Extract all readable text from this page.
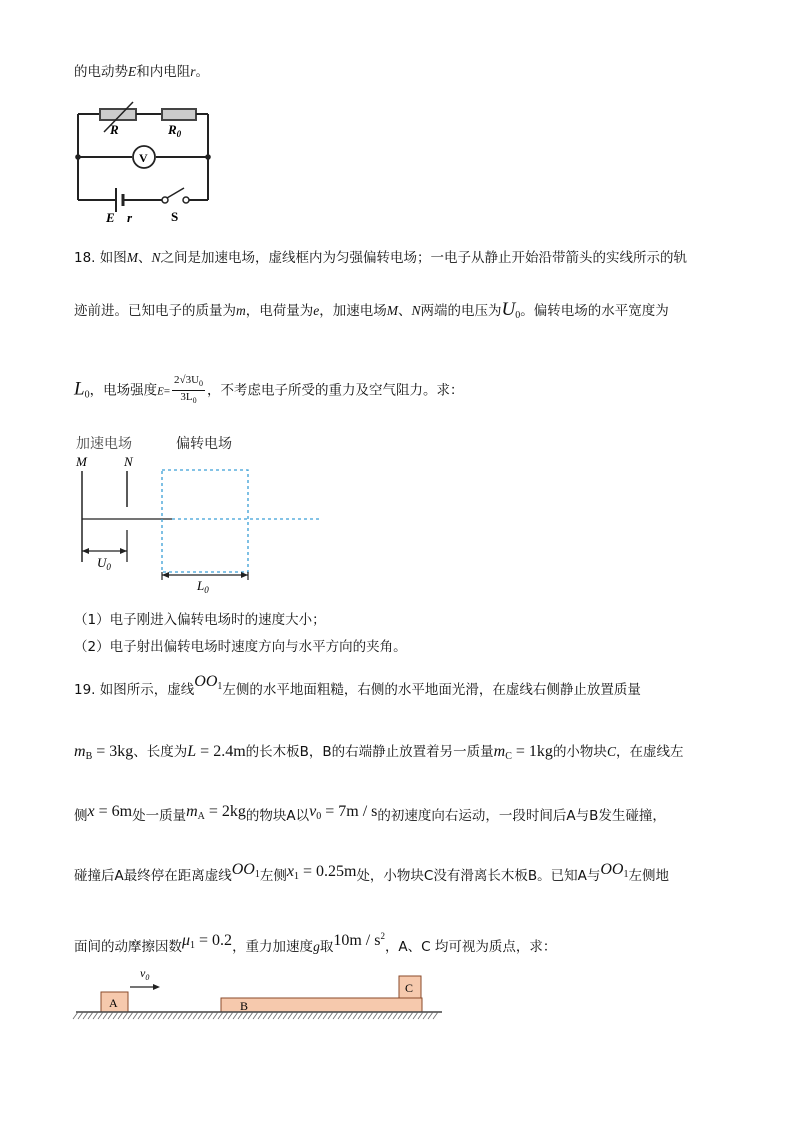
的电动势E和内电阻r。
R	$R_0$
V
E r	S
18. 如图M、N之间是加速电场，虚线框内为匀强偏转电场；一电子从静止开始沿带箭头的实线所示的轨
迹前进。已知电子的质量为m，电荷量为e，加速电场M、N两端的电压为$U_0$。偏转电场的水平宽度为
$L_0$，电场强度$E= \frac{2√3U_0}{3L_0}$ ，不考虑电子所受的重力及空气阻力。求：
加速电场	偏转电场
M	N
$U_0$
$L_0$
（1）电子刚进入偏转电场时的速度大小；
（2）电子射出偏转电场时速度方向与水平方向的夹角。
19. 如图所示，虚线$OO_1$左侧的水平地面粗糙，右侧的水平地面光滑，在虚线右侧静止放置质量
$m_B = 3kg$、长度为L = 2.4m的长木板B，B的右端静止放置着另一质量$m_C = 1kg$的小物块C，在虚线左
侧x = 6m处一质量$m_A = 2kg$的物块A以$v_0 = 7m / s$的初速度向右运动，一段时间后A与B发生碰撞，
碰撞后A最终停在距离虚线$OO_1$左侧$x_1 = 0.25m$处，小物块C没有滑离长木板B。已知A与$OO_1$左侧地
面间的动摩擦因数$\mu_1 = 0.2$，重力加速度g取$10m / s^2$，A、C 均可视为质点，求：
$v_0$
A	B
C
